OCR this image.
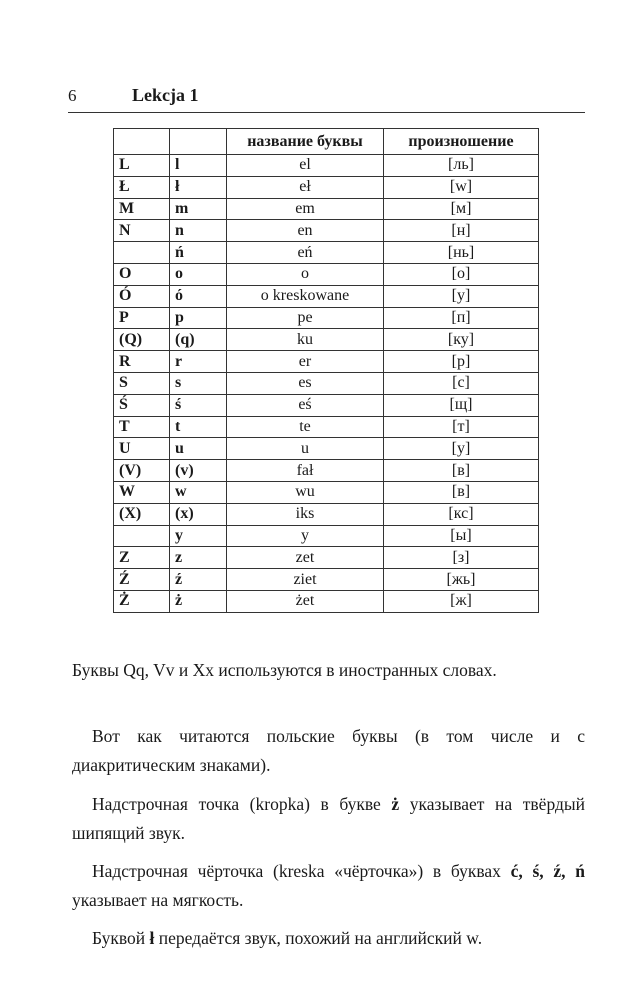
6	Lekcja 1
		название буквы	произношение
L	l	el	[ль]
Ł	ł	eł	[w]
M	m	em	[м]
N	n	en	[н]
	ń	eń	[нь]
O	o	o	[о]
Ó	ó	o kreskowane	[у]
P	p	pe	[п]
(Q)	(q)	ku	[ку]
R	r	er	[р]
S	s	es	[с]
Ś	ś	eś	[щ]
T	t	te	[т]
U	u	u	[у]
(V)	(v)	fał	[в]
W	w	wu	[в]
(X)	(x)	iks	[кс]
	y	y	[ы]
Z	z	zet	[з]
Ź	ź	ziet	[жь]
Ż	ż	żet	[ж]

Буквы Qq, Vv и Xx используются в иностранных словах.

Вот как читаются польские буквы (в том числе и с диакритическим знаками).

Надстрочная точка (kropka) в букве ż указывает на твёрдый шипящий звук.

Надстрочная чёрточка (kreska «чёрточка») в буквах ć, ś, ź, ń указывает на мягкость.

Буквой ł передаётся звук, похожий на английский w.
